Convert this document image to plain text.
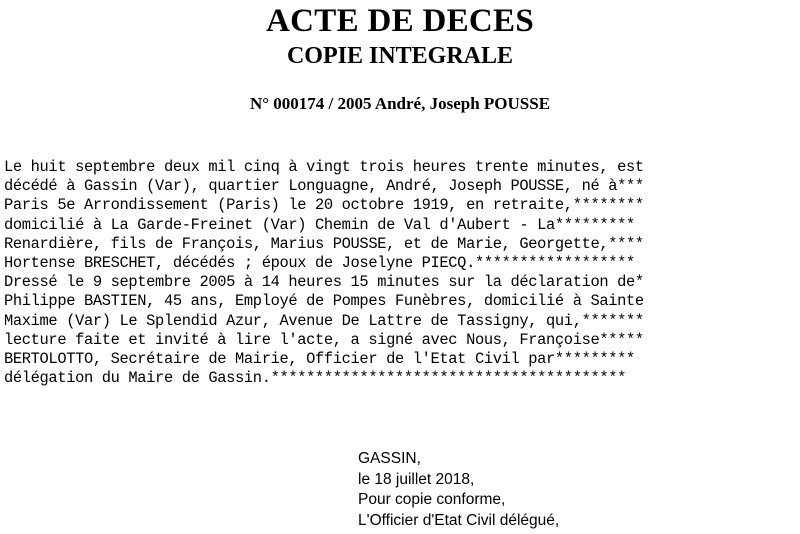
ACTE DE DECES
COPIE INTEGRALE
N° 000174 / 2005 André, Joseph POUSSE
Le huit septembre deux mil cinq à vingt trois heures trente minutes, est
décédé à Gassin (Var), quartier Longuagne, André, Joseph POUSSE, né à***
Paris 5e Arrondissement (Paris) le 20 octobre 1919, en retraite,********
domicilié à La Garde-Freinet (Var) Chemin de Val d'Aubert - La*********
Renardière, fils de François, Marius POUSSE, et de Marie, Georgette,****
Hortense BRESCHET, décédés ; époux de Joselyne PIECQ.******************
Dressé le 9 septembre 2005 à 14 heures 15 minutes sur la déclaration de*
Philippe BASTIEN, 45 ans, Employé de Pompes Funèbres, domicilié à Sainte
Maxime (Var) Le Splendid Azur, Avenue De Lattre de Tassigny, qui,*******
lecture faite et invité à lire l'acte, a signé avec Nous, Françoise*****
BERTOLOTTO, Secrétaire de Mairie, Officier de l'Etat Civil par*********
délégation du Maire de Gassin.****************************************
GASSIN,
le 18 juillet 2018,
Pour copie conforme,
L'Officier d'Etat Civil délégué,
